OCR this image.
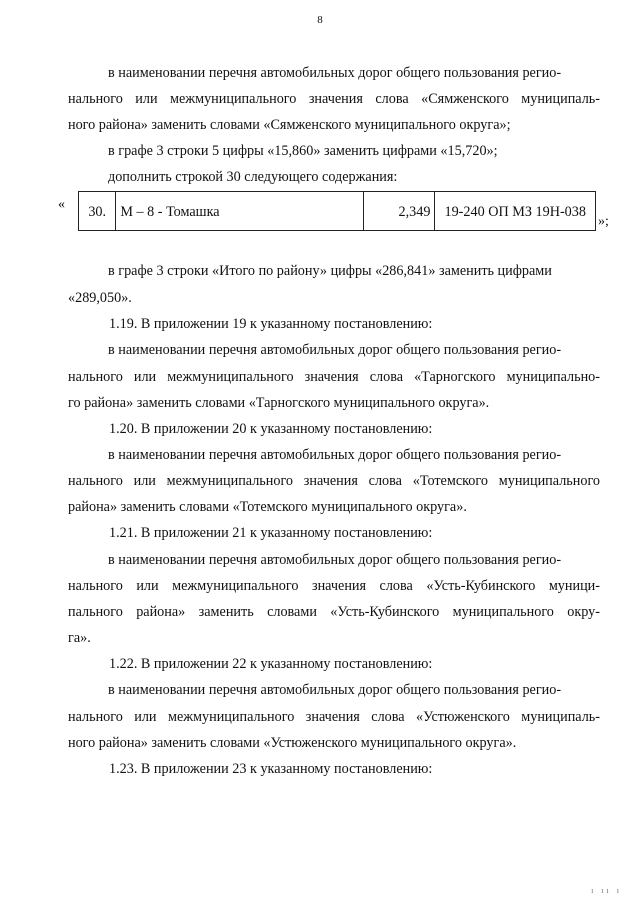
8
в наименовании перечня автомобильных дорог общего пользования регио-
нального или межмуниципального значения слова «Сямженского муниципаль-
ного района» заменить словами «Сямженского муниципального округа»;
в графе 3 строки 5 цифры «15,860» заменить цифрами «15,720»;
дополнить строкой 30 следующего содержания:
« 30.	М – 8 - Томашка	2,349	19-240 ОП МЗ 19Н-038
»;
в графе 3 строки «Итого по району» цифры «286,841» заменить цифрами
«289,050».
1.19. В приложении 19 к указанному постановлению:
в наименовании перечня автомобильных дорог общего пользования регио-
нального или межмуниципального значения слова «Тарногского муниципально-
го района» заменить словами «Тарногского муниципального округа».
1.20. В приложении 20 к указанному постановлению:
в наименовании перечня автомобильных дорог общего пользования регио-
нального или межмуниципального значения слова «Тотемского муниципального
района» заменить словами «Тотемского муниципального округа».
1.21. В приложении 21 к указанному постановлению:
в наименовании перечня автомобильных дорог общего пользования регио-
нального или межмуниципального значения слова «Усть-Кубинского муници-
пального района» заменить словами «Усть-Кубинского муниципального окру-
га».
1.22. В приложении 22 к указанному постановлению:
в наименовании перечня автомобильных дорог общего пользования регио-
нального или межмуниципального значения слова «Устюженского муниципаль-
ного района» заменить словами «Устюженского муниципального округа».
1.23. В приложении 23 к указанному постановлению:
ı ıı ı
